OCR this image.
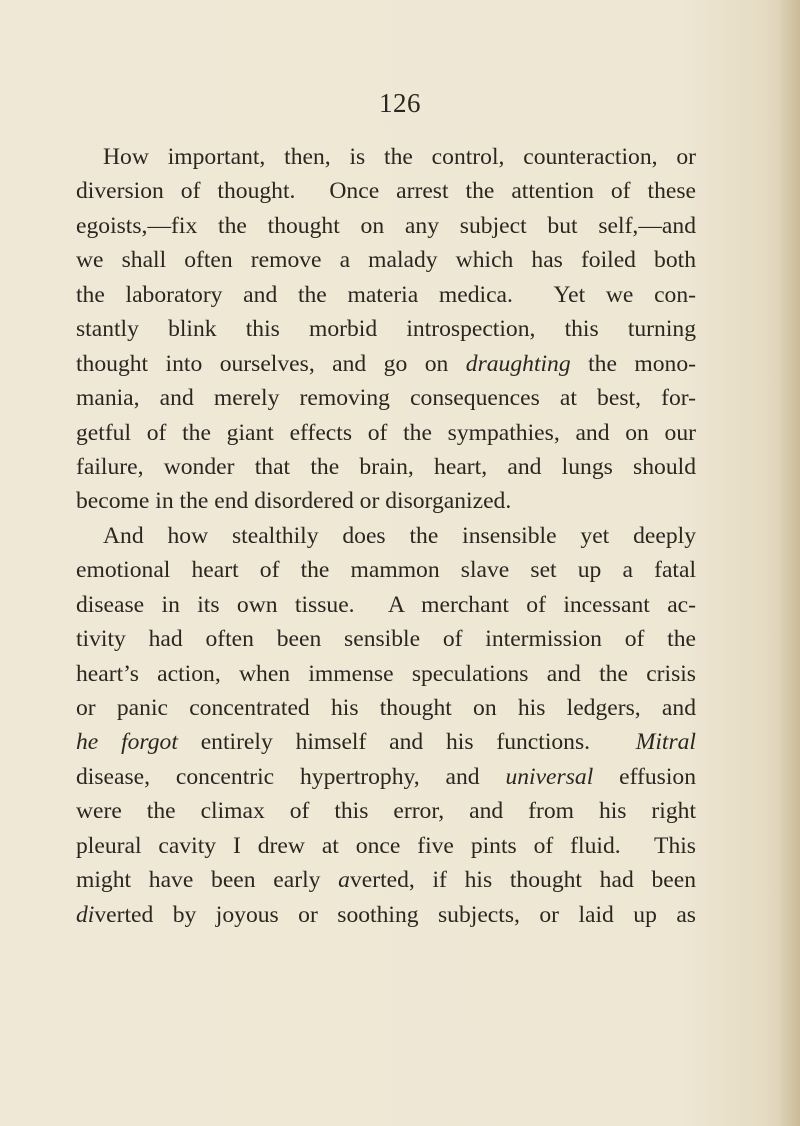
126
How important, then, is the control, counteraction, or
diversion of thought.  Once arrest the attention of these
egoists,—fix the thought on any subject but self,—and
we shall often remove a malady which has foiled both
the laboratory and the materia medica.  Yet we con-
stantly blink this morbid introspection, this turning
thought into ourselves, and go on draughting the mono-
mania, and merely removing consequences at best, for-
getful of the giant effects of the sympathies, and on our
failure, wonder that the brain, heart, and lungs should
become in the end disordered or disorganized.
And how stealthily does the insensible yet deeply
emotional heart of the mammon slave set up a fatal
disease in its own tissue.  A merchant of incessant ac-
tivity had often been sensible of intermission of the
heart’s action, when immense speculations and the crisis
or panic concentrated his thought on his ledgers, and
he forgot entirely himself and his functions.  Mitral
disease, concentric hypertrophy, and universal effusion
were the climax of this error, and from his right
pleural cavity I drew at once five pints of fluid.  This
might have been early averted, if his thought had been
diverted by joyous or soothing subjects, or laid up as
